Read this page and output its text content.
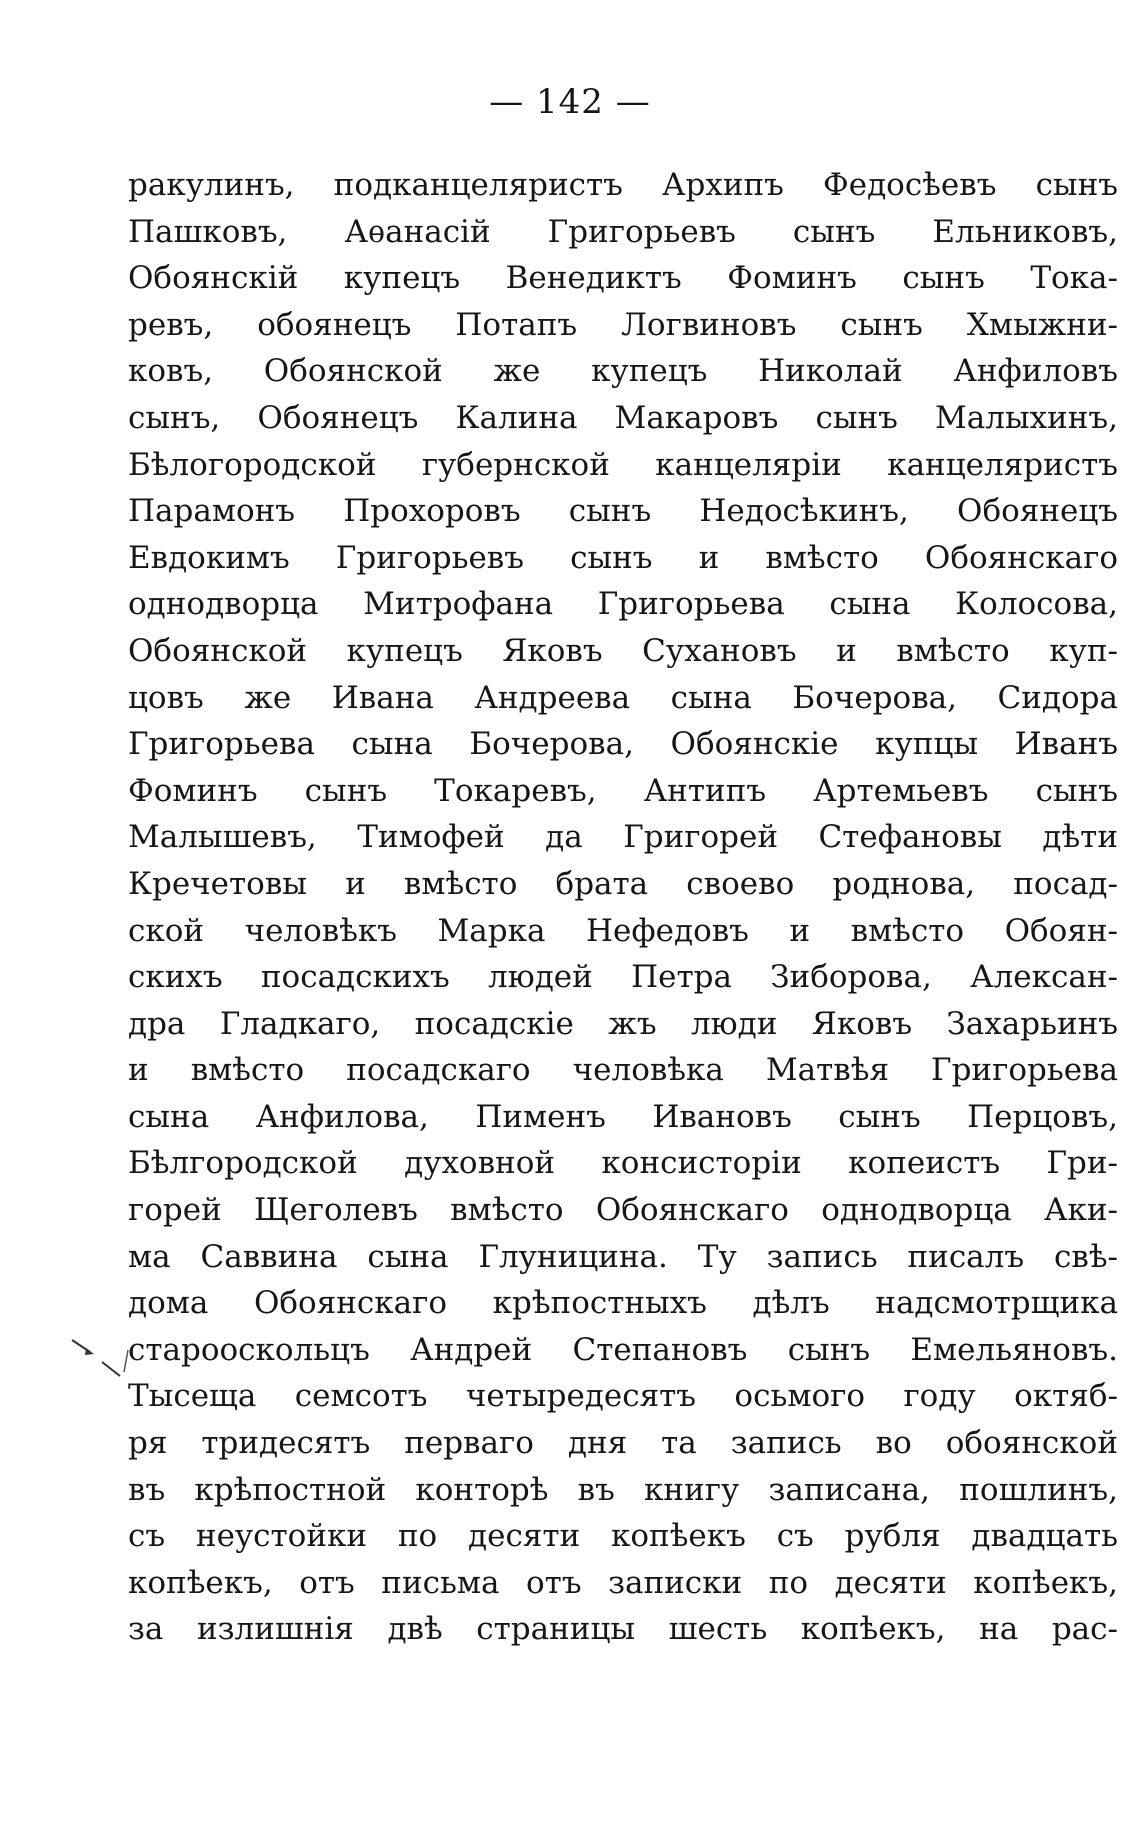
— 142 —
ракулинъ, подканцеляристъ Архипъ Федосѣевъ сынъ
Пашковъ, Аѳанасій Григорьевъ сынъ Ельниковъ,
Обоянскій купецъ Венедиктъ Фоминъ сынъ Тока-
ревъ, обоянецъ Потапъ Логвиновъ сынъ Хмыжни-
ковъ, Обоянской же купецъ Николай Анфиловъ
сынъ, Обоянецъ Калина Макаровъ сынъ Малыхинъ,
Бѣлогородской губернской канцеляріи канцеляристъ
Парамонъ Прохоровъ сынъ Недосѣкинъ, Обоянецъ
Евдокимъ Григорьевъ сынъ и вмѣсто Обоянскаго
однодворца Митрофана Григорьева сына Колосова,
Обоянской купецъ Яковъ Сухановъ и вмѣсто куп-
цовъ же Ивана Андреева сына Бочерова, Сидора
Григорьева сына Бочерова, Обоянскіе купцы Иванъ
Фоминъ сынъ Токаревъ, Антипъ Артемьевъ сынъ
Малышевъ, Тимофей да Григорей Стефановы дѣти
Кречетовы и вмѣсто брата своево роднова, посад-
ской человѣкъ Марка Нефедовъ и вмѣсто Обоян-
скихъ посадскихъ людей Петра Зиборова, Алексан-
дра Гладкаго, посадскіе жъ люди Яковъ Захарьинъ
и вмѣсто посадскаго человѣка Матвѣя Григорьева
сына Анфилова, Пименъ Ивановъ сынъ Перцовъ,
Бѣлгородской духовной консисторіи копеистъ Гри-
горей Щеголевъ вмѣсто Обоянскаго однодворца Аки-
ма Саввина сына Глуницина. Ту запись писалъ свѣ-
дома Обоянскаго крѣпостныхъ дѣлъ надсмотрщика
старооскольцъ Андрей Степановъ сынъ Емельяновъ.
Тысеща семсотъ четыредесятъ осьмого году октяб-
ря тридесятъ перваго дня та запись во обоянской
въ крѣпостной конторѣ въ книгу записана, пошлинъ,
съ неустойки по десяти копѣекъ съ рубля двадцать
копѣекъ, отъ письма отъ записки по десяти копѣекъ,
за излишнія двѣ страницы шесть копѣекъ, на рас-
